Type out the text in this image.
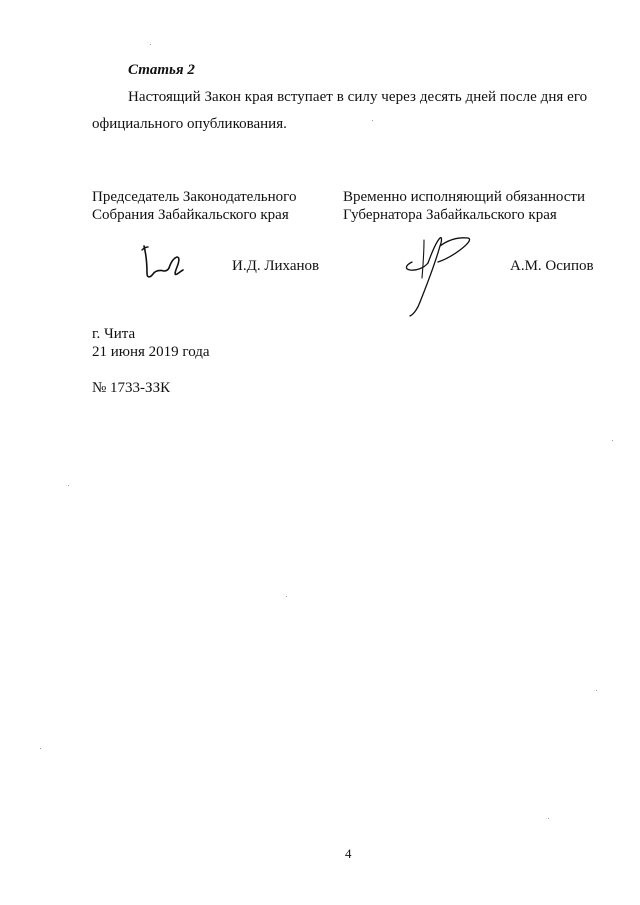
Статья 2
Настоящий Закон края вступает в силу через десять дней после дня его
официального опубликования.
Председатель Законодательного
Собрания Забайкальского края
И.Д. Лиханов
Временно исполняющий обязанности
Губернатора Забайкальского края
А.М. Осипов
г. Чита
21 июня 2019 года
№ 1733-ЗЗК
4
